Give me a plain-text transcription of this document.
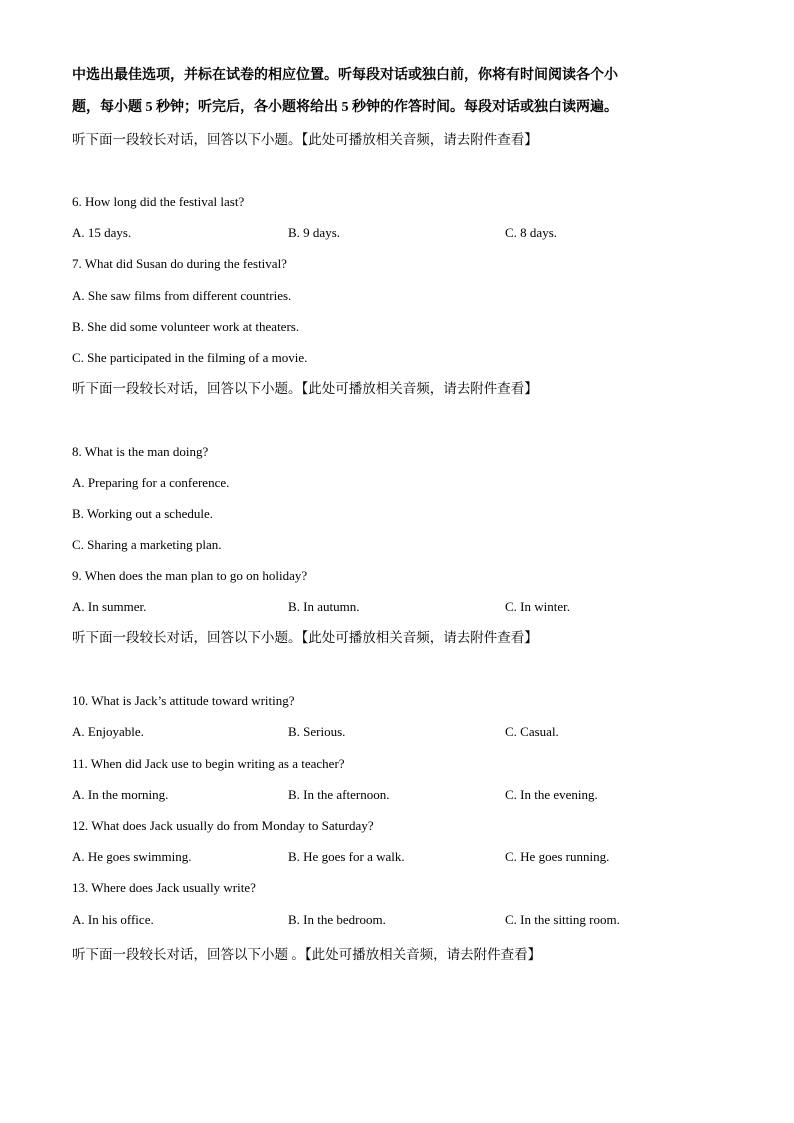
中选出最佳选项，并标在试卷的相应位置。听每段对话或独白前，你将有时间阅读各个小
题，每小题 5 秒钟；听完后，各小题将给出 5 秒钟的作答时间。每段对话或独白读两遍。
听下面一段较长对话，回答以下小题。【此处可播放相关音频，请去附件查看】
6. How long did the festival last?
A. 15 days.	B. 9 days.	C. 8 days.
7. What did Susan do during the festival?
A. She saw films from different countries.
B. She did some volunteer work at theaters.
C. She participated in the filming of a movie.
听下面一段较长对话，回答以下小题。【此处可播放相关音频，请去附件查看】
8. What is the man doing?
A. Preparing for a conference.
B. Working out a schedule.
C. Sharing a marketing plan.
9. When does the man plan to go on holiday?
A. In summer.	B. In autumn.	C. In winter.
听下面一段较长对话，回答以下小题。【此处可播放相关音频，请去附件查看】
10. What is Jack’s attitude toward writing?
A. Enjoyable.	B. Serious.	C. Casual.
11. When did Jack use to begin writing as a teacher?
A. In the morning.	B. In the afternoon.	C. In the evening.
12. What does Jack usually do from Monday to Saturday?
A. He goes swimming.	B. He goes for a walk.	C. He goes running.
13. Where does Jack usually write?
A. In his office.	B. In the bedroom.	C. In the sitting room.
听下面一段较长对话，回答以下小题 。【此处可播放相关音频，请去附件查看】
